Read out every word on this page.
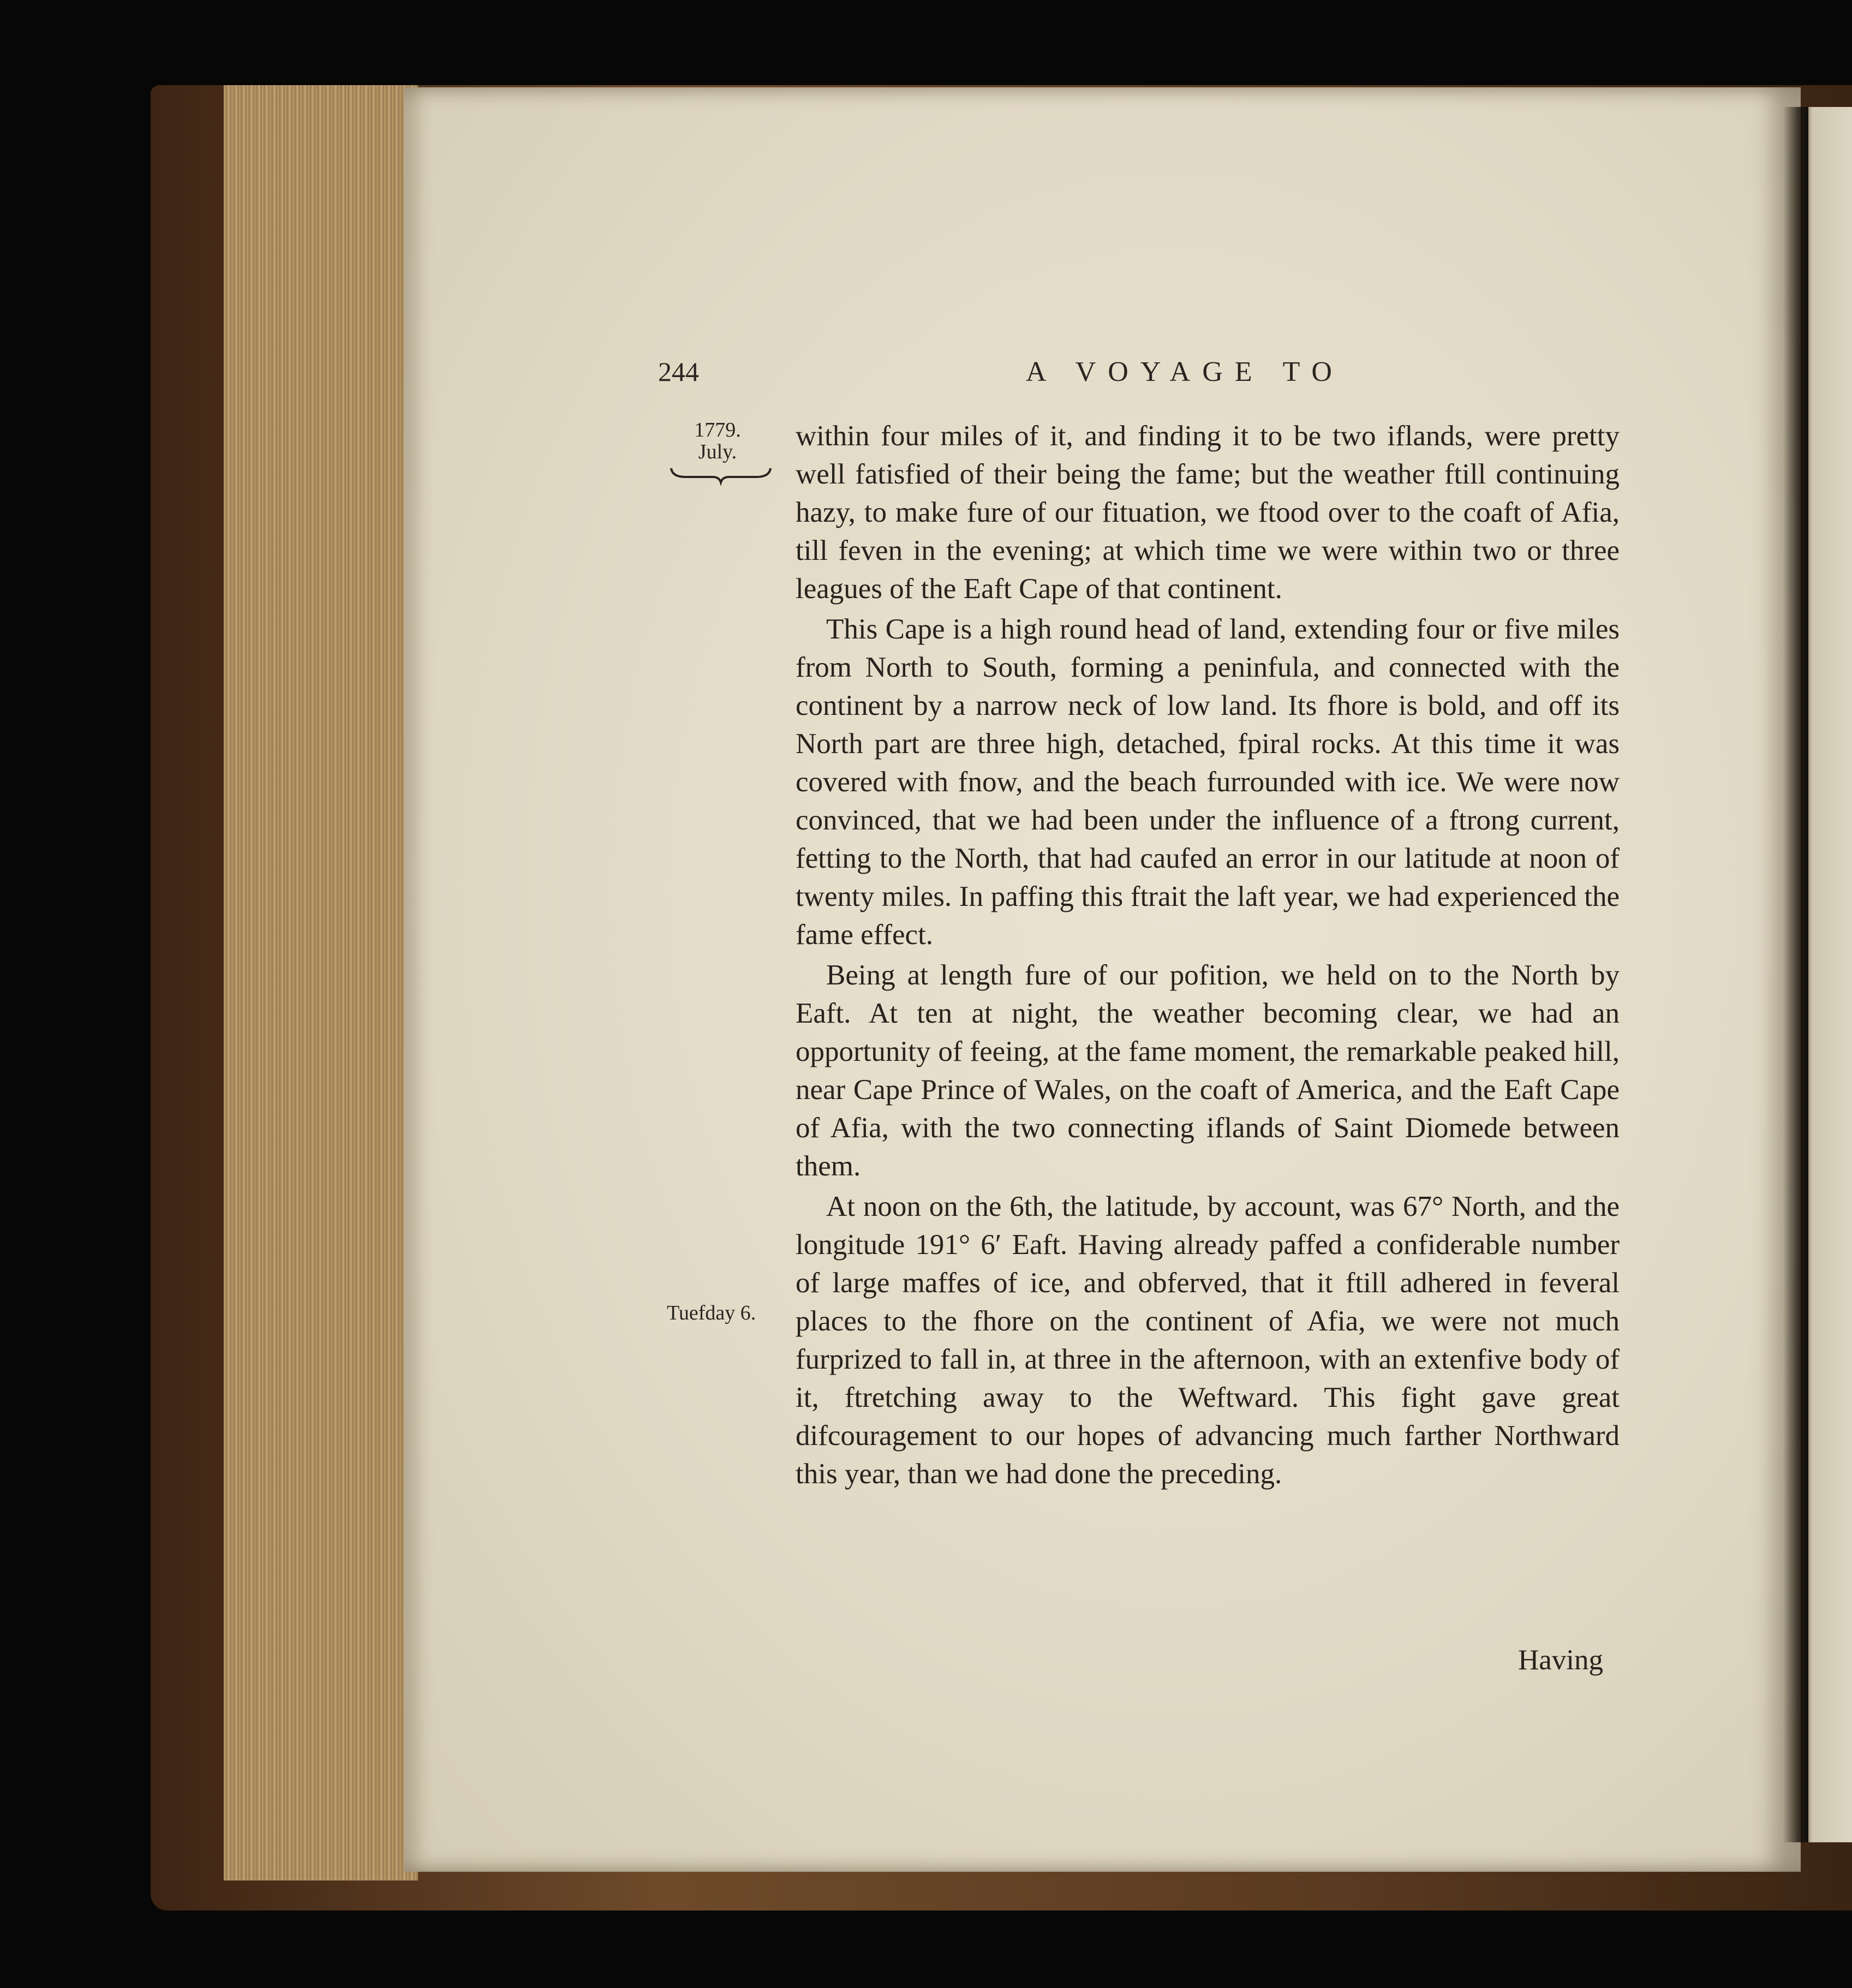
244	A VOYAGE TO
1779.
July.
Tuefday 6.

within four miles of it, and finding it to be two iflands, were pretty well fatisfied of their being the fame; but the weather ftill continuing hazy, to make fure of our fituation, we ftood over to the coaft of Afia, till feven in the evening; at which time we were within two or three leagues of the Eaft Cape of that continent.

This Cape is a high round head of land, extending four or five miles from North to South, forming a peninfula, and connected with the continent by a narrow neck of low land. Its fhore is bold, and off its North part are three high, detached, fpiral rocks. At this time it was covered with fnow, and the beach furrounded with ice. We were now convinced, that we had been under the influence of a ftrong current, fetting to the North, that had caufed an error in our latitude at noon of twenty miles. In paffing this ftrait the laft year, we had experienced the fame effect.

Being at length fure of our pofition, we held on to the North by Eaft. At ten at night, the weather becoming clear, we had an opportunity of feeing, at the fame moment, the remarkable peaked hill, near Cape Prince of Wales, on the coaft of America, and the Eaft Cape of Afia, with the two connecting iflands of Saint Diomede between them.

At noon on the 6th, the latitude, by account, was 67° North, and the longitude 191° 6′ Eaft. Having already paffed a confiderable number of large maffes of ice, and obferved, that it ftill adhered in feveral places to the fhore on the continent of Afia, we were not much furprized to fall in, at three in the afternoon, with an extenfive body of it, ftretching away to the Weftward. This fight gave great difcouragement to our hopes of advancing much farther Northward this year, than we had done the preceding.

Having
